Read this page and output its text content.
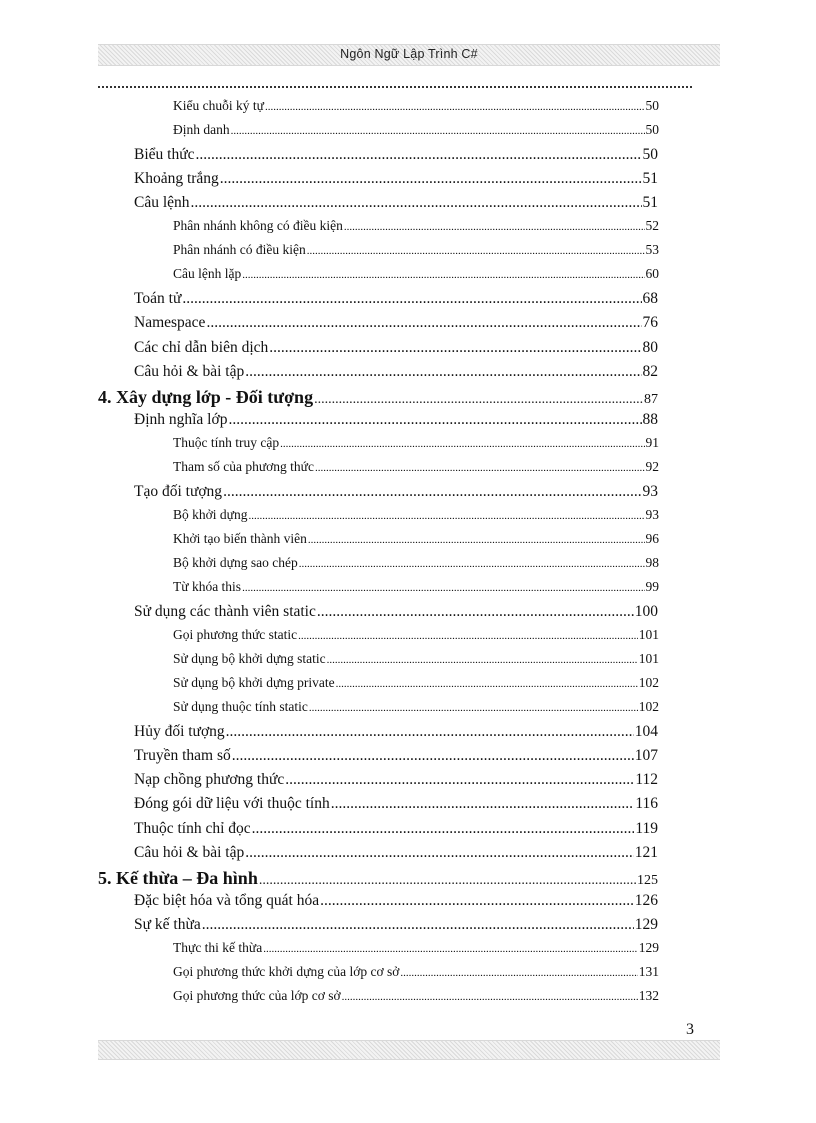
Ngôn Ngữ Lập Trình C#
Kiểu chuỗi ký tự .....	50
Định danh .....	50
Biểu thức .....	50
Khoảng trắng .....	51
Câu lệnh .....	51
Phân nhánh không có điều kiện .....	52
Phân nhánh có điều kiện .....	53
Câu lệnh lặp .....	60
Toán tử .....	68
Namespace .....	76
Các chỉ dẫn biên dịch .....	80
Câu hỏi & bài tập .....	82
4. Xây dựng lớp - Đối tượng .....	87
Định nghĩa lớp .....	88
Thuộc tính truy cập .....	91
Tham số của phương thức .....	92
Tạo đối tượng .....	93
Bộ khởi dựng .....	93
Khởi tạo biến thành viên .....	96
Bộ khởi dựng sao chép .....	98
Từ khóa this .....	99
Sử dụng các thành viên static .....	100
Gọi phương thức static .....	101
Sử dụng bộ khởi dựng static .....	101
Sử dụng bộ khởi dựng private .....	102
Sử dụng thuộc tính static .....	102
Hủy đối tượng .....	104
Truyền tham số .....	107
Nạp chồng phương thức .....	112
Đóng gói dữ liệu với thuộc tính .....	116
Thuộc tính chỉ đọc .....	119
Câu hỏi & bài tập .....	121
5. Kế thừa – Đa hình .....	125
Đặc biệt hóa và tổng quát hóa .....	126
Sự kế thừa .....	129
Thực thi kế thừa .....	129
Gọi phương thức khởi dựng của lớp cơ sở .....	131
Gọi phương thức của lớp cơ sở .....	132
3
